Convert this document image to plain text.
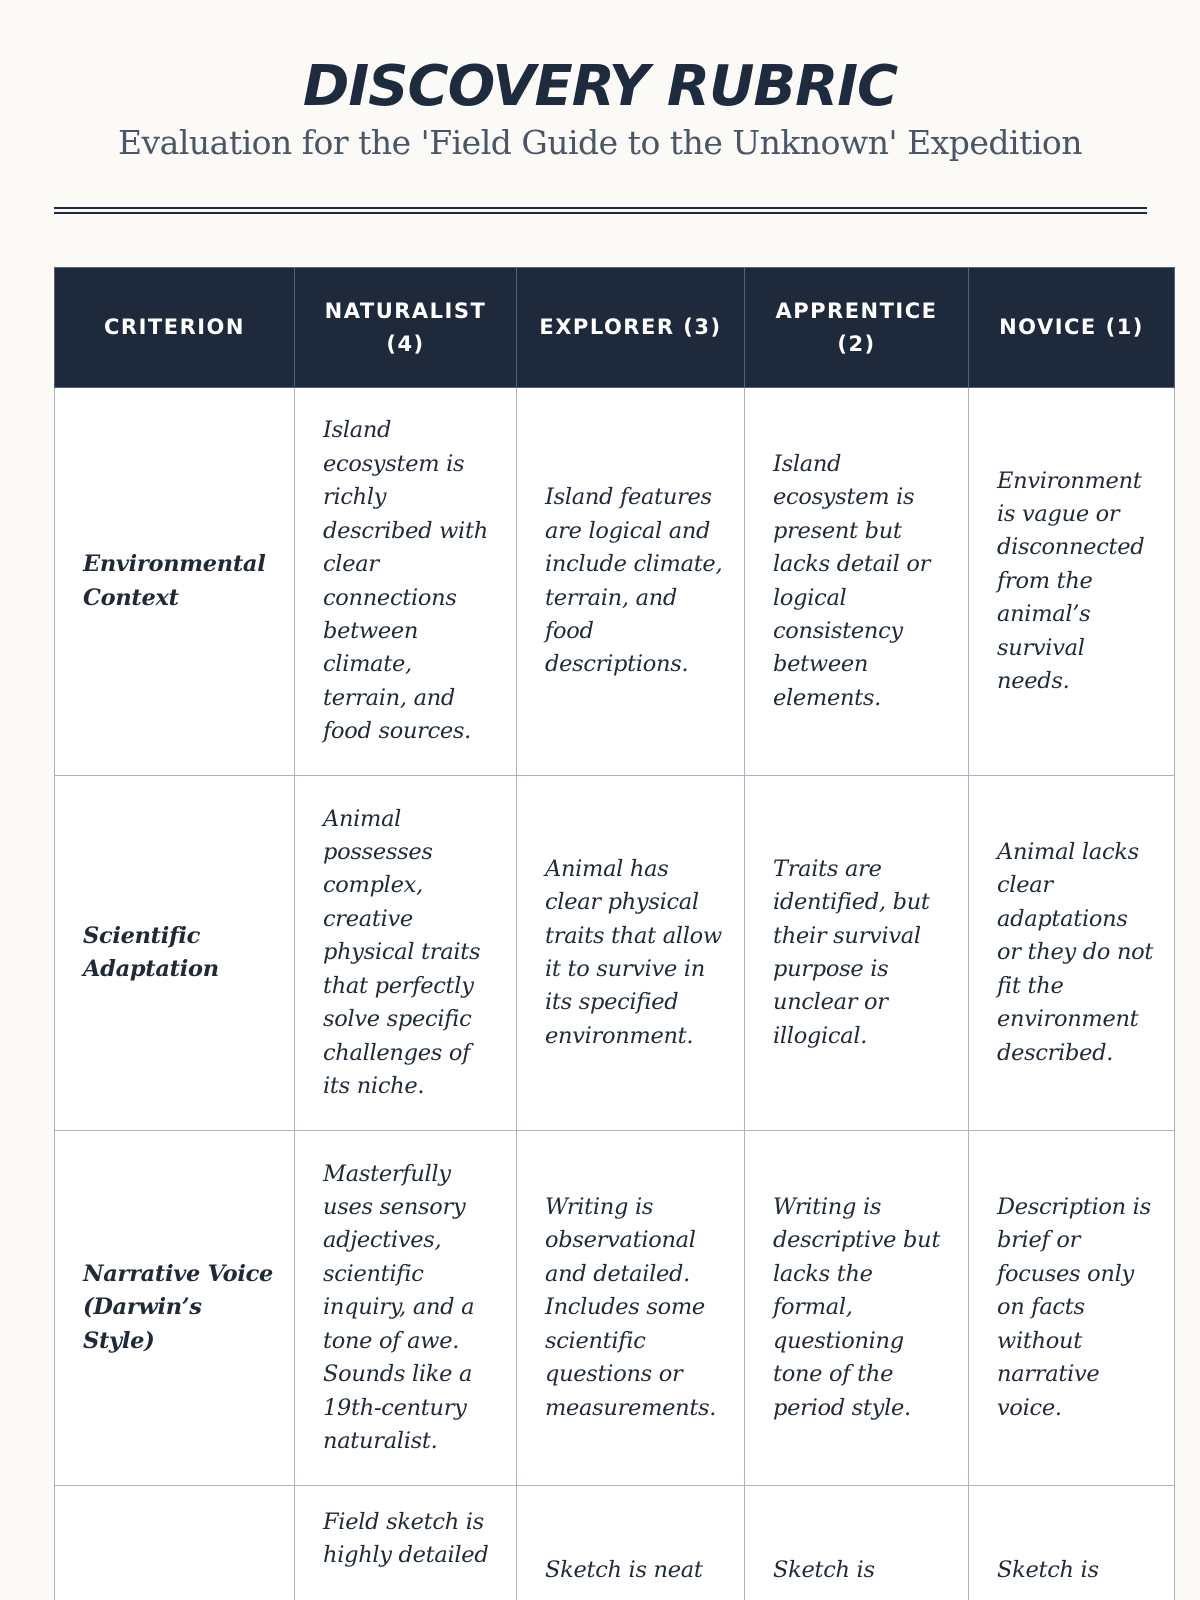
DISCOVERY RUBRIC

Evaluation for the 'Field Guide to the Unknown' Expedition

CRITERION	NATURALIST (4)	EXPLORER (3)	APPRENTICE (2)	NOVICE (1)
Environmental Context	Island ecosystem is richly described with clear connections between climate, terrain, and food sources.	Island features are logical and include climate, terrain, and food descriptions.	Island ecosystem is present but lacks detail or logical consistency between elements.	Environment is vague or disconnected from the animal’s survival needs.
Scientific Adaptation	Animal possesses complex, creative physical traits that perfectly solve specific challenges of its niche.	Animal has clear physical traits that allow it to survive in its specified environment.	Traits are identified, but their survival purpose is unclear or illogical.	Animal lacks clear adaptations or they do not fit the environment described.
Narrative Voice (Darwin’s Style)	Masterfully uses sensory adjectives, scientific inquiry, and a tone of awe. Sounds like a 19th-century naturalist.	Writing is observational and detailed. Includes some scientific questions or measurements.	Writing is descriptive but lacks the formal, questioning tone of the period style.	Description is brief or focuses only on facts without narrative voice.
	Field sketch is highly detailed	Sketch is neat	Sketch is	Sketch is
